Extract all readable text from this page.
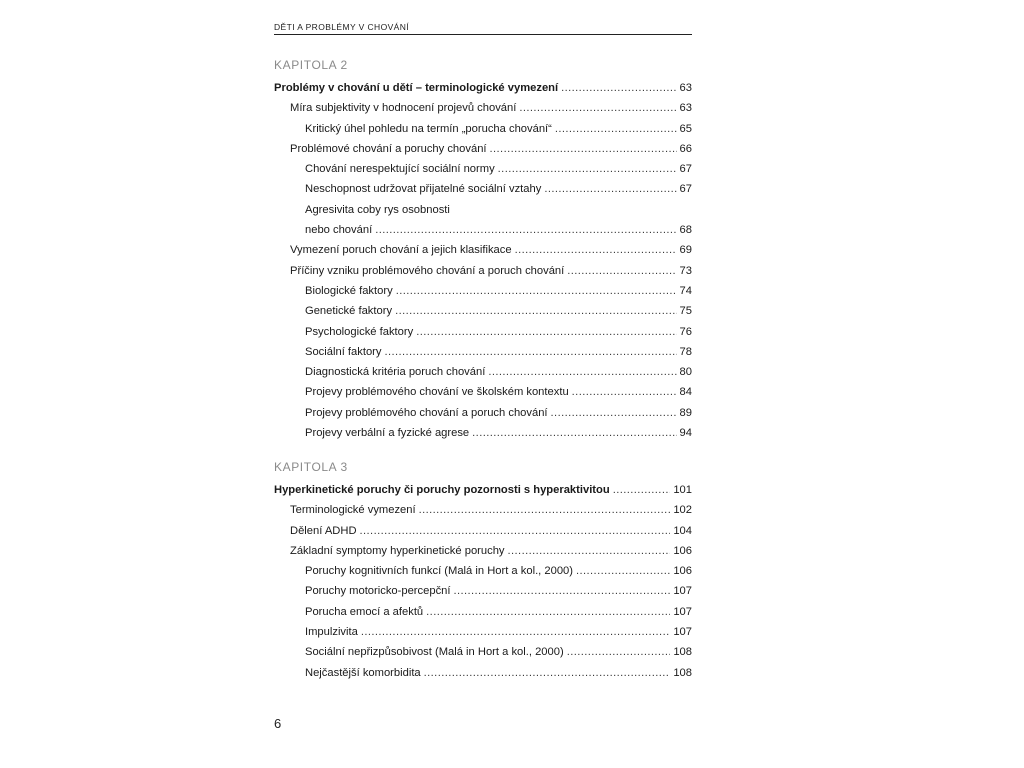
DĚTI A PROBLÉMY V CHOVÁNÍ
KAPITOLA 2
Problémy v chování u dětí – terminologické vymezení .....	63
Míra subjektivity v hodnocení projevů chování .....	63
Kritický úhel pohledu na termín „porucha chování“ .....	65
Problémové chování a poruchy chování .....	66
Chování nerespektující sociální normy .....	67
Neschopnost udržovat přijatelné sociální vztahy .....	67
Agresivita coby rys osobnosti
nebo chování .....	68
Vymezení poruch chování a jejich klasifikace .....	69
Příčiny vzniku problémového chování a poruch chování .....	73
Biologické faktory .....	74
Genetické faktory .....	75
Psychologické faktory .....	76
Sociální faktory .....	78
Diagnostická kritéria poruch chování .....	80
Projevy problémového chování ve školském kontextu .....	84
Projevy problémového chování a poruch chování .....	89
Projevy verbální a fyzické agrese .....	94
KAPITOLA 3
Hyperkinetické poruchy či poruchy pozornosti s hyperaktivitou .....	101
Terminologické vymezení .....	102
Dělení ADHD .....	104
Základní symptomy hyperkinetické poruchy .....	106
Poruchy kognitivních funkcí (Malá in Hort a kol., 2000) .....	106
Poruchy motoricko-percepční .....	107
Porucha emocí a afektů .....	107
Impulzivita .....	107
Sociální nepřizpůsobivost (Malá in Hort a kol., 2000) .....	108
Nejčastější komorbidita .....	108
6
